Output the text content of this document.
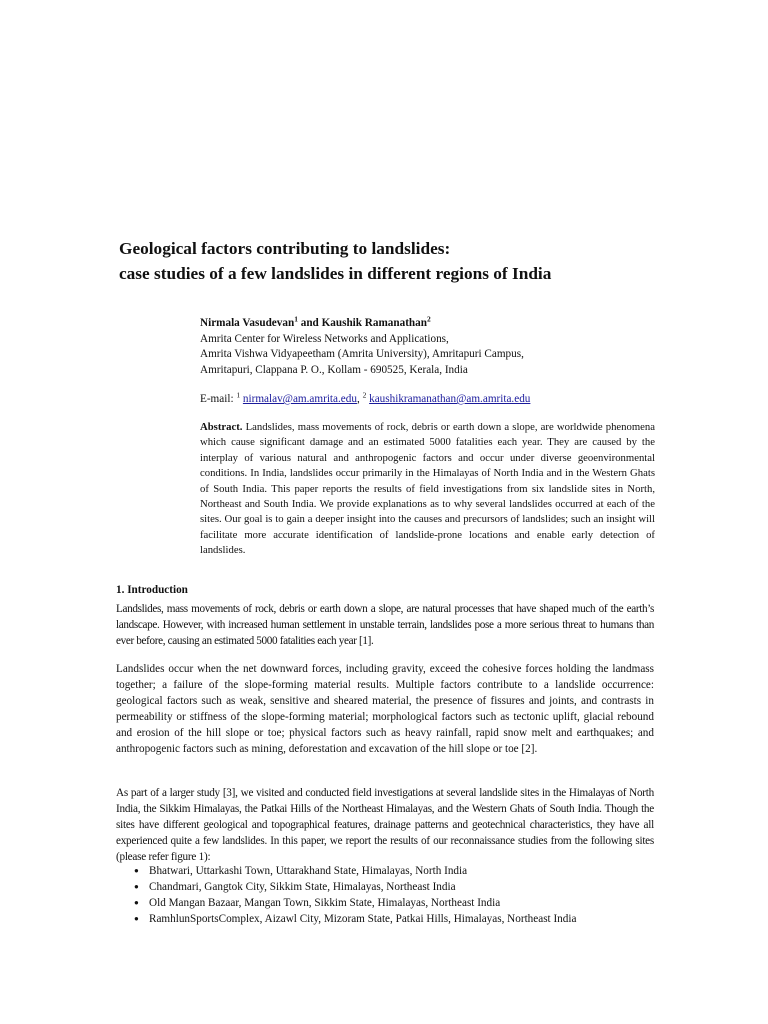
Geological factors contributing to landslides:
case studies of a few landslides in different regions of India
Nirmala Vasudevan$^1$ and Kaushik Ramanathan$^2$
Amrita Center for Wireless Networks and Applications,
Amrita Vishwa Vidyapeetham (Amrita University), Amritapuri Campus,
Amritapuri, Clappana P. O., Kollam - 690525, Kerala, India
E-mail: $^1$ nirmalav@am.amrita.edu, $^2$ kaushikramanathan@am.amrita.edu

Abstract. Landslides, mass movements of rock, debris or earth down a slope, are worldwide phenomena which cause significant damage and an estimated 5000 fatalities each year. They are caused by the interplay of various natural and anthropogenic factors and occur under diverse geoenvironmental conditions. In India, landslides occur primarily in the Himalayas of North India and in the Western Ghats of South India. This paper reports the results of field investigations from six landslide sites in North, Northeast and South India. We provide explanations as to why several landslides occurred at each of the sites. Our goal is to gain a deeper insight into the causes and precursors of landslides; such an insight will facilitate more accurate identification of landslide-prone locations and enable early detection of landslides.

1. Introduction

Landslides, mass movements of rock, debris or earth down a slope, are natural processes that have shaped much of the earth’s landscape. However, with increased human settlement in unstable terrain, landslides pose a more serious threat to humans than ever before, causing an estimated 5000 fatalities each year [1].

Landslides occur when the net downward forces, including gravity, exceed the cohesive forces holding the landmass together; a failure of the slope-forming material results. Multiple factors contribute to a landslide occurrence: geological factors such as weak, sensitive and sheared material, the presence of fissures and joints, and contrasts in permeability or stiffness of the slope-forming material; morphological factors such as tectonic uplift, glacial rebound and erosion of the hill slope or toe; physical factors such as heavy rainfall, rapid snow melt and earthquakes; and anthropogenic factors such as mining, deforestation and excavation of the hill slope or toe [2].

As part of a larger study [3], we visited and conducted field investigations at several landslide sites in the Himalayas of North India, the Sikkim Himalayas, the Patkai Hills of the Northeast Himalayas, and the Western Ghats of South India. Though the sites have different geological and topographical features, drainage patterns and geotechnical characteristics, they have all experienced quite a few landslides. In this paper, we report the results of our reconnaissance studies from the following sites (please refer figure 1):

● Bhatwari, Uttarkashi Town, Uttarakhand State, Himalayas, North India
● Chandmari, Gangtok City, Sikkim State, Himalayas, Northeast India
● Old Mangan Bazaar, Mangan Town, Sikkim State, Himalayas, Northeast India
● RamhlunSportsComplex, Aizawl City, Mizoram State, Patkai Hills, Himalayas, Northeast India
